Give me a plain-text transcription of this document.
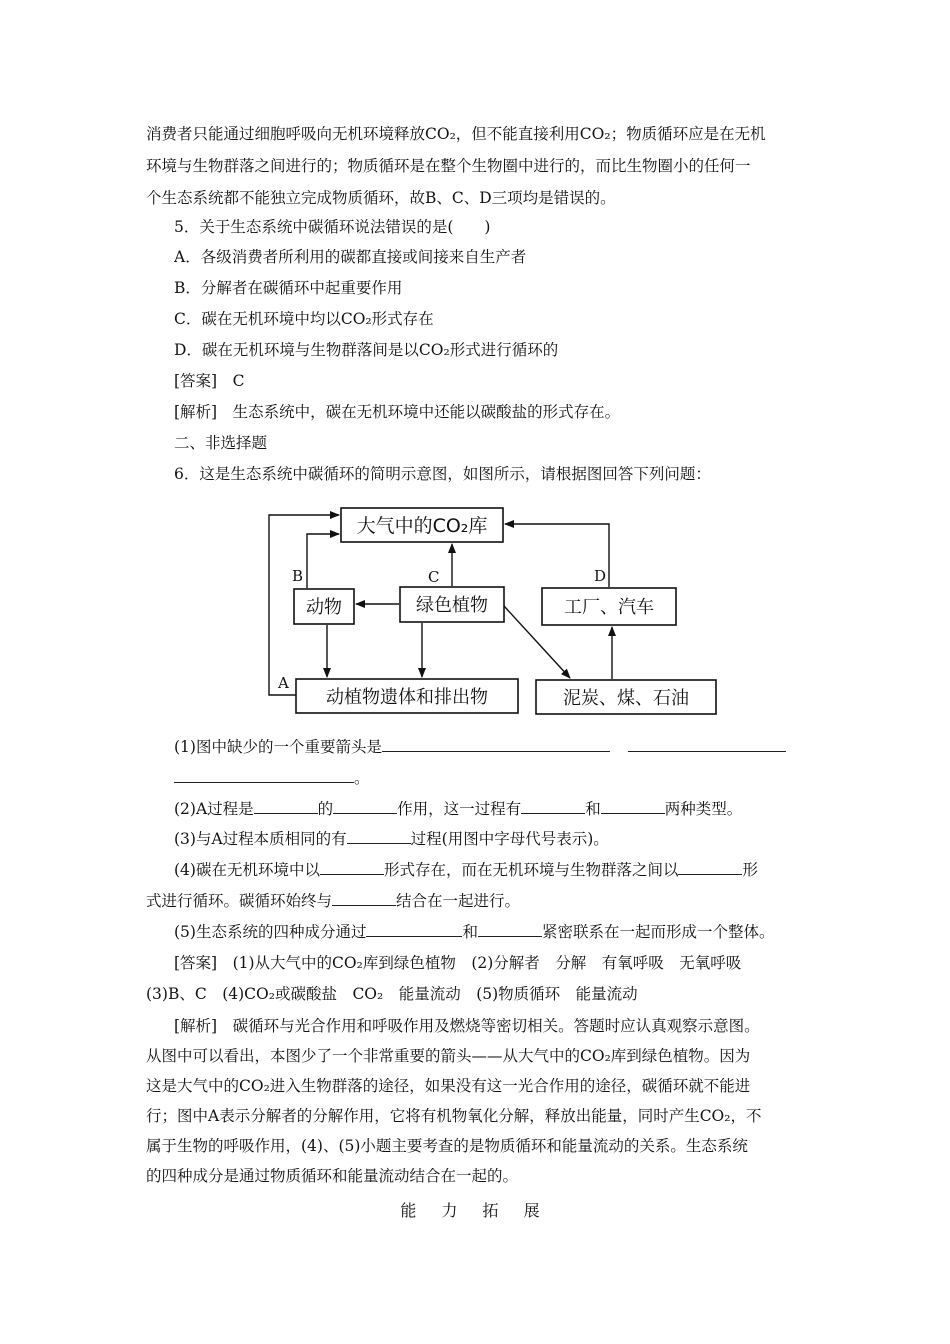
消费者只能通过细胞呼吸向无机环境释放CO₂，但不能直接利用CO₂；物质循环应是在无机
环境与生物群落之间进行的；物质循环是在整个生物圈中进行的，而比生物圈小的任何一
个生态系统都不能独立完成物质循环，故B、C、D三项均是错误的。
5．关于生态系统中碳循环说法错误的是(　　)
A．各级消费者所利用的碳都直接或间接来自生产者
B．分解者在碳循环中起重要作用
C．碳在无机环境中均以CO₂形式存在
D．碳在无机环境与生物群落间是以CO₂形式进行循环的
[答案]　C
[解析]　生态系统中，碳在无机环境中还能以碳酸盐的形式存在。
二、非选择题
6．这是生态系统中碳循环的简明示意图，如图所示，请根据图回答下列问题：
大气中的CO₂库
动物	绿色植物	工厂、汽车
动植物遗体和排出物	泥炭、煤、石油
A
B	C	D
(1)图中缺少的一个重要箭头是
。
(2)A过程是	的	作用，这一过程有	和	两种类型。
(3)与A过程本质相同的有	过程(用图中字母代号表示)。
(4)碳在无机环境中以	形式存在，而在无机环境与生物群落之间以	形
式进行循环。碳循环始终与	结合在一起进行。
(5)生态系统的四种成分通过	和	紧密联系在一起而形成一个整体。
[答案]　(1)从大气中的CO₂库到绿色植物　(2)分解者　分解　有氧呼吸　无氧呼吸
(3)B、C　(4)CO₂或碳酸盐　CO₂　能量流动　(5)物质循环　能量流动
[解析]　碳循环与光合作用和呼吸作用及燃烧等密切相关。答题时应认真观察示意图。
从图中可以看出，本图少了一个非常重要的箭头——从大气中的CO₂库到绿色植物。因为
这是大气中的CO₂进入生物群落的途径，如果没有这一光合作用的途径，碳循环就不能进
行；图中A表示分解者的分解作用，它将有机物氧化分解，释放出能量，同时产生CO₂，不
属于生物的呼吸作用，(4)、(5)小题主要考查的是物质循环和能量流动的关系。生态系统
的四种成分是通过物质循环和能量流动结合在一起的。
能 力 拓 展
